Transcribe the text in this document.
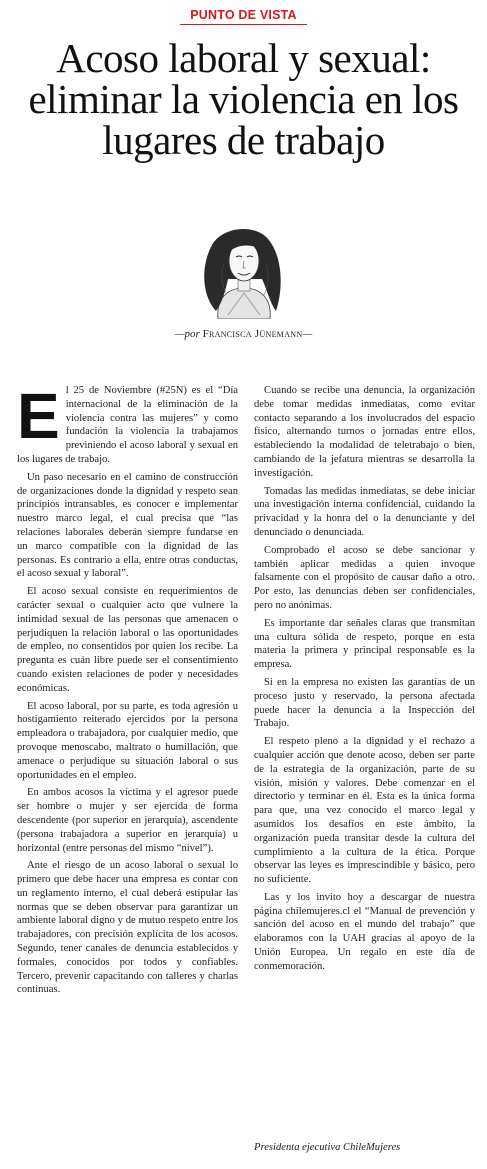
PUNTO DE VISTA
Acoso laboral y sexual: eliminar la violencia en los lugares de trabajo
—por Francisca Jünemann—

El 25 de Noviembre (#25N) es el “Día internacional de la eliminación de la violencia contra las mujeres” y como fundación la violencia la trabajamos previniendo el acoso laboral y sexual en los lugares de trabajo.

Un paso necesario en el camino de construcción de organizaciones donde la dignidad y respeto sean principios intransables, es conocer e implementar nuestro marco legal, el cual precisa que “las relaciones laborales deberán siempre fundarse en un marco compatible con la dignidad de las personas. Es contrario a ella, entre otras conductas, el acoso sexual y laboral”.

El acoso sexual consiste en requerimientos de carácter sexual o cualquier acto que vulnere la intimidad sexual de las personas que amenacen o perjudiquen la relación laboral o las oportunidades de empleo, no consentidos por quien los recibe. La pregunta es cuán libre puede ser el consentimiento cuando existen relaciones de poder y necesidades económicas.

El acoso laboral, por su parte, es toda agresión u hostigamiento reiterado ejercidos por la persona empleadora o trabajadora, por cualquier medio, que provoque menoscabo, maltrato o humillación, que amenace o perjudique su situación laboral o sus oportunidades en el empleo.

En ambos acosos la víctima y el agresor puede ser hombre o mujer y ser ejercida de forma descendente (por superior en jerarquía), ascendente (persona trabajadora a superior en jerarquía) u horizontal (entre personas del mismo “nivel”).

Ante el riesgo de un acoso laboral o sexual lo primero que debe hacer una empresa es contar con un reglamento interno, el cual deberá estipular las normas que se deben observar para garantizar un ambiente laboral digno y de mutuo respeto entre los trabajadores, con precisión explícita de los acosos. Segundo, tener canales de denuncia establecidos y formales, conocidos por todos y confiables. Tercero, prevenir capacitando con talleres y charlas continuas.

Cuando se recibe una denuncia, la organización debe tomar medidas inmediatas, como evitar contacto separando a los involucrados del espacio físico, alternando turnos o jornadas entre ellos, estableciendo la modalidad de teletrabajo o bien, cambiando de la jefatura mientras se desarrolla la investigación.

Tomadas las medidas inmediatas, se debe iniciar una investigación interna confidencial, cuidando la privacidad y la honra del o la denunciante y del denunciado o denunciada.

Comprobado el acoso se debe sancionar y también aplicar medidas a quien invoque falsamente con el propósito de causar daño a otro. Por esto, las denuncias deben ser confidenciales, pero no anónimas.

Es importante dar señales claras que transmitan una cultura sólida de respeto, porque en esta materia la primera y principal responsable es la empresa.

Si en la empresa no existen las garantías de un proceso justo y reservado, la persona afectada puede hacer la denuncia a la Inspección del Trabajo.

El respeto pleno a la dignidad y el rechazo a cualquier acción que denote acoso, deben ser parte de la estrategia de la organización, parte de su visión, misión y valores. Debe comenzar en el directorio y terminar en él. Esta es la única forma para que, una vez conocido el marco legal y asumidos los desafíos en este ámbito, la organización pueda transitar desde la cultura del cumplimiento a la cultura de la ética. Porque observar las leyes es imprescindible y básico, pero no suficiente.

Las y los invito hoy a descargar de nuestra página chilemujeres.cl el “Manual de prevención y sanción del acoso en el mundo del trabajo” que elaboramos con la UAH gracias al apoyo de la Unión Europea. Un regalo en este día de conmemoración.

Presidenta ejecutiva ChileMujeres
